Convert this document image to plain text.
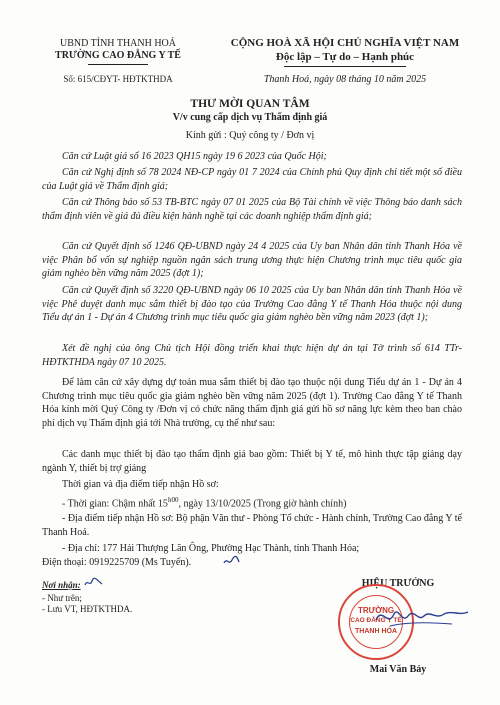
UBND TỈNH THANH HOÁ
TRƯỜNG CAO ĐẲNG Y TẾ
Số: 615/CĐYT- HĐTKTHDA
CỘNG HOÀ XÃ HỘI CHỦ NGHĨA VIỆT NAM
Độc lập – Tự do – Hạnh phúc
Thanh Hoá, ngày 08 tháng 10 năm 2025
THƯ MỜI QUAN TÂM
V/v cung cấp dịch vụ Thẩm định giá
Kính gửi : Quý công ty / Đơn vị
Căn cứ Luật giá số 16 2023 QH15 ngày 19 6 2023 của Quốc Hội;
Căn cứ Nghị định số 78 2024 NĐ-CP ngày 01 7 2024 của Chính phủ Quy định chi tiết một số điều của Luật giá về Thẩm định giá;
Căn cứ Thông báo số 53 TB-BTC ngày 07 01 2025 của Bộ Tài chính về việc Thông báo danh sách thẩm định viên về giá đủ điều kiện hành nghề tại các doanh nghiệp thẩm định giá;
Căn cứ Quyết định số 1246 QĐ-UBND ngày 24 4 2025 của Uy ban Nhân dân tỉnh Thanh Hóa về việc Phân bổ vốn sự nghiệp nguồn ngân sách trung ương thực hiện Chương trình mục tiêu quốc gia giảm nghèo bền vững năm 2025 (đợt 1);
Căn cứ Quyết định số 3220 QĐ-UBND ngày 06 10 2025 của Uy ban Nhân dân tỉnh Thanh Hóa về việc Phê duyệt danh mục sắm thiết bị đào tạo của Trường Cao đẳng Y tế Thanh Hóa thuộc nội dung Tiểu dự án 1 - Dự án 4 Chương trình mục tiêu quốc gia giảm nghèo bền vững năm 2023 (đợt 1);
Xét đề nghị của ông Chủ tịch Hội đồng triển khai thực hiện dự án tại Tờ trình số 614 TTr-HĐTKTHDA ngày 07 10 2025.
Để làm căn cứ xây dựng dự toán mua sắm thiết bị đào tạo thuộc nội dung Tiểu dự án 1 - Dự án 4 Chương trình mục tiêu quốc gia giảm nghèo bền vững năm 2025 (đợt 1). Trường Cao đẳng Y tế Thanh Hóa kính mời Quý Công ty /Đơn vị có chức năng thẩm định giá gửi hồ sơ năng lực kèm theo ban chào phí dịch vụ Thẩm định giá tới Nhà trường, cụ thể như sau:
Các danh mục thiết bị đào tạo thẩm định giá bao gồm: Thiết bị Y tế, mô hình thực tập giảng dạy ngành Y, thiết bị trợ giảng
Thời gian và địa điểm tiếp nhận Hồ sơ:
- Thời gian: Chậm nhất $15^{h00}$, ngày 13/10/2025 (Trong giờ hành chính)
- Địa điểm tiếp nhận Hồ sơ: Bộ phận Văn thư - Phòng Tổ chức - Hành chính, Trường Cao đẳng Y tế Thanh Hoá.
- Địa chỉ: 177 Hải Thượng Lãn Ông, Phường Hạc Thành, tỉnh Thanh Hóa;
Điện thoại: 0919225709 (Ms Tuyến).
Nơi nhận:
- Như trên;
- Lưu VT, HĐTKTHDA.
HIỆU TRƯỞNG
TRƯỜNG
CAO ĐẲNG Y TẾ
THANH HÓA
Mai Văn Bảy
